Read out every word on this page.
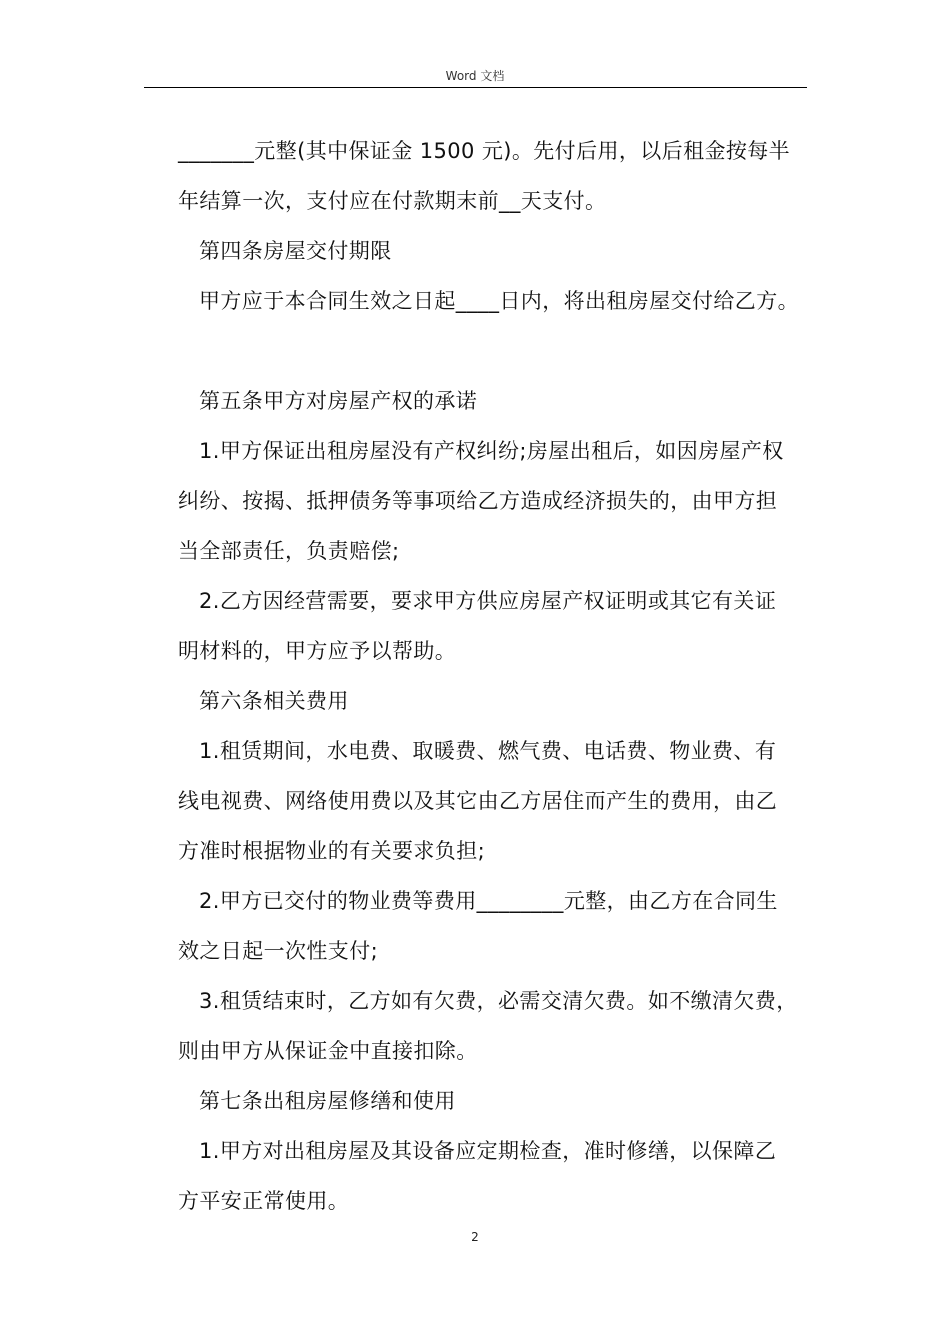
Word 文档
_______元整(其中保证金 1500 元)。先付后用，以后租金按每半
年结算一次，支付应在付款期末前__天支付。
第四条房屋交付期限
甲方应于本合同生效之日起____日内，将出租房屋交付给乙方。
第五条甲方对房屋产权的承诺
1.甲方保证出租房屋没有产权纠纷;房屋出租后，如因房屋产权
纠纷、按揭、抵押债务等事项给乙方造成经济损失的，由甲方担
当全部责任，负责赔偿;
2.乙方因经营需要，要求甲方供应房屋产权证明或其它有关证
明材料的，甲方应予以帮助。
第六条相关费用
1.租赁期间，水电费、取暖费、燃气费、电话费、物业费、有
线电视费、网络使用费以及其它由乙方居住而产生的费用，由乙
方准时根据物业的有关要求负担;
2.甲方已交付的物业费等费用________元整，由乙方在合同生
效之日起一次性支付;
3.租赁结束时，乙方如有欠费，必需交清欠费。如不缴清欠费，
则由甲方从保证金中直接扣除。
第七条出租房屋修缮和使用
1.甲方对出租房屋及其设备应定期检查，准时修缮，以保障乙
方平安正常使用。
2
